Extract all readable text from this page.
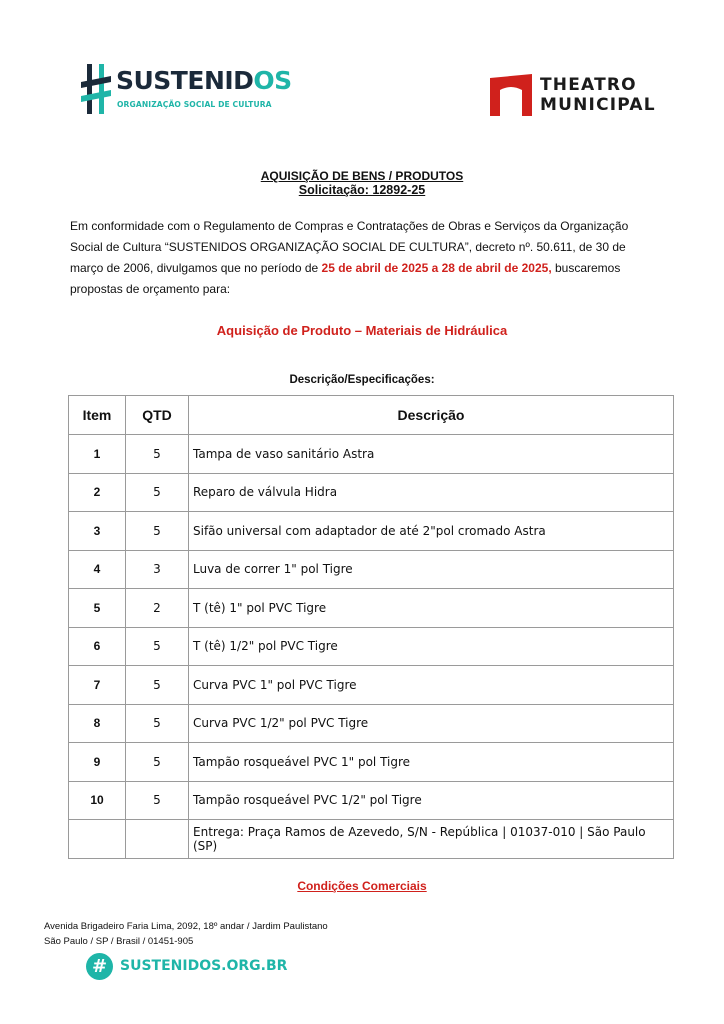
SUSTENIDOS
ORGANIZAÇÃO SOCIAL DE CULTURA
THEATRO
MUNICIPAL
AQUISIÇÃO DE BENS / PRODUTOS
Solicitação: 12892-25

Em conformidade com o Regulamento de Compras e Contratações de Obras e Serviços da Organização Social de Cultura “SUSTENIDOS ORGANIZAÇÃO SOCIAL DE CULTURA”, decreto nº. 50.611, de 30 de março de 2006, divulgamos que no período de 25 de abril de 2025 a 28 de abril de 2025, buscaremos propostas de orçamento para:

Aquisição de Produto – Materiais de Hidráulica
Descrição/Especificações:
Item	QTD	Descrição
1	5	Tampa de vaso sanitário Astra
2	5	Reparo de válvula Hidra
3	5	Sifão universal com adaptador de até 2"pol cromado Astra
4	3	Luva de correr 1" pol Tigre
5	2	T (tê) 1" pol PVC Tigre
6	5	T (tê) 1/2" pol PVC Tigre
7	5	Curva PVC 1" pol PVC Tigre
8	5	Curva PVC 1/2" pol PVC Tigre
9	5	Tampão rosqueável PVC 1" pol Tigre
10	5	Tampão rosqueável PVC 1/2" pol Tigre
		Entrega: Praça Ramos de Azevedo, S/N - República | 01037-010 | São Paulo (SP)
Condições Comerciais

Avenida Brigadeiro Faria Lima, 2092, 18º andar / Jardim Paulistano

São Paulo / SP / Brasil / 01451-905

# SUSTENIDOS.ORG.BR
